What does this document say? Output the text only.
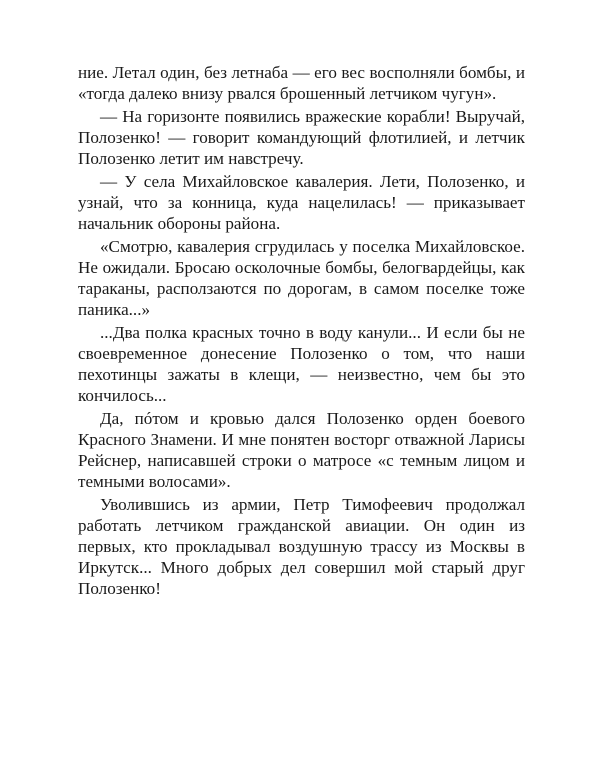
ние. Летал один, без летнаба — его вес восполняли бомбы, и «тогда далеко внизу рвался брошенный летчиком чугун».

— На горизонте появились вражеские корабли! Выручай, Полозенко! — говорит командующий флотилией, и летчик Полозенко летит им навстречу.

— У села Михайловское кавалерия. Лети, Полозенко, и узнай, что за конница, куда нацелилась! — приказывает начальник обороны района.

«Смотрю, кавалерия сгрудилась у поселка Михайловское. Не ожидали. Бросаю осколочные бомбы, белогвардейцы, как тараканы, расползаются по дорогам, в самом поселке тоже паника...»

...Два полка красных точно в воду канули... И если бы не своевременное донесение Полозенко о том, что наши пехотинцы зажаты в клещи, — неизвестно, чем бы это кончилось...

Да, пóтом и кровью дался Полозенко орден боевого Красного Знамени. И мне понятен восторг отважной Ларисы Рейснер, написавшей строки о матросе «с темным лицом и темными волосами».

Уволившись из армии, Петр Тимофеевич продолжал работать летчиком гражданской авиации. Он один из первых, кто прокладывал воздушную трассу из Москвы в Иркутск... Много добрых дел совершил мой старый друг Полозенко!
